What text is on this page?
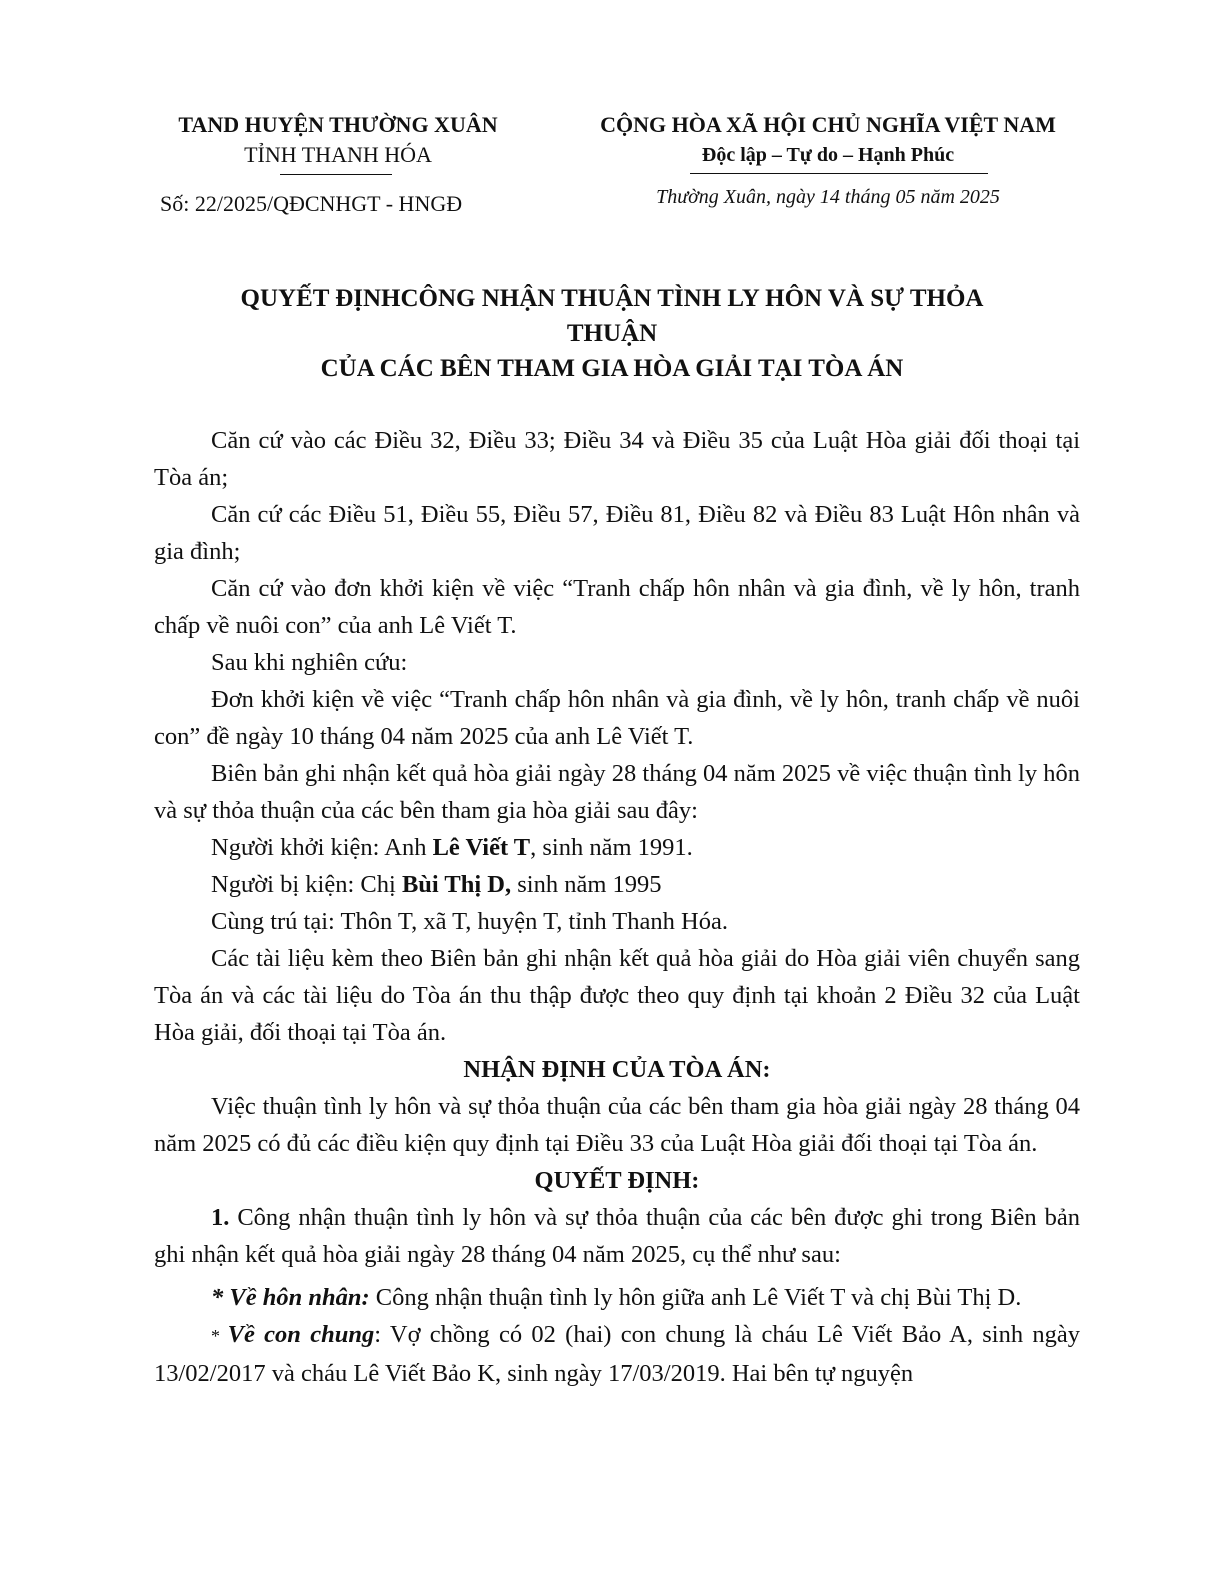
TAND HUYỆN THƯỜNG XUÂN
TỈNH THANH HÓA
Số: 22/2025/QĐCNHGT - HNGĐ
CỘNG HÒA XÃ HỘI CHỦ NGHĨA VIỆT NAM
Độc lập – Tự do – Hạnh Phúc
Thường Xuân, ngày 14 tháng 05 năm 2025
QUYẾT ĐỊNHCÔNG NHẬN THUẬN TÌNH LY HÔN VÀ SỰ THỎA
THUẬN
CỦA CÁC BÊN THAM GIA HÒA GIẢI TẠI TÒA ÁN

Căn cứ vào các Điều 32, Điều 33; Điều 34 và Điều 35 của Luật Hòa giải đối thoại tại Tòa án;

Căn cứ các Điều 51, Điều 55, Điều 57, Điều 81, Điều 82 và Điều 83 Luật Hôn nhân và gia đình;

Căn cứ vào đơn khởi kiện về việc “Tranh chấp hôn nhân và gia đình, về ly hôn, tranh chấp về nuôi con” của anh Lê Viết T.

Sau khi nghiên cứu:

Đơn khởi kiện về việc “Tranh chấp hôn nhân và gia đình, về ly hôn, tranh chấp về nuôi con” đề ngày 10 tháng 04 năm 2025 của anh Lê Viết T.

Biên bản ghi nhận kết quả hòa giải ngày 28 tháng 04 năm 2025 về việc thuận tình ly hôn và sự thỏa thuận của các bên tham gia hòa giải sau đây:

Người khởi kiện: Anh Lê Viết T, sinh năm 1991.

Người bị kiện: Chị Bùi Thị D, sinh năm 1995

Cùng trú tại: Thôn T, xã T, huyện T, tỉnh Thanh Hóa.

Các tài liệu kèm theo Biên bản ghi nhận kết quả hòa giải do Hòa giải viên chuyển sang Tòa án và các tài liệu do Tòa án thu thập được theo quy định tại khoản 2 Điều 32 của Luật Hòa giải, đối thoại tại Tòa án.

NHẬN ĐỊNH CỦA TÒA ÁN:

Việc thuận tình ly hôn và sự thỏa thuận của các bên tham gia hòa giải ngày 28 tháng 04 năm 2025 có đủ các điều kiện quy định tại Điều 33 của Luật Hòa giải đối thoại tại Tòa án.

QUYẾT ĐỊNH:

1. Công nhận thuận tình ly hôn và sự thỏa thuận của các bên được ghi trong Biên bản ghi nhận kết quả hòa giải ngày 28 tháng 04 năm 2025, cụ thể như sau:

* Về hôn nhân: Công nhận thuận tình ly hôn giữa anh Lê Viết T và chị Bùi Thị D.

* Về con chung: Vợ chồng có 02 (hai) con chung là cháu Lê Viết Bảo A, sinh ngày 13/02/2017 và cháu Lê Viết Bảo K, sinh ngày 17/03/2019. Hai bên tự nguyện
